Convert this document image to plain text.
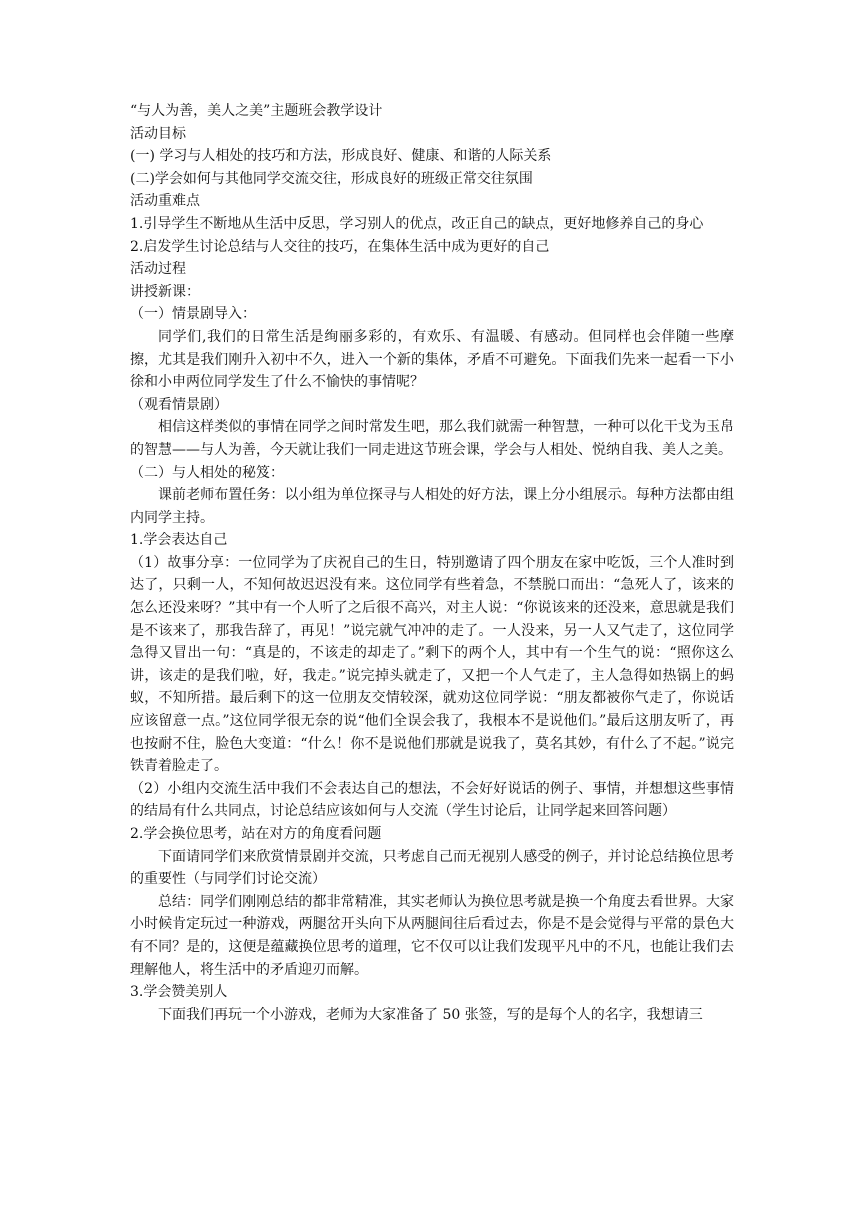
“与人为善，美人之美”主题班会教学设计

活动目标

(一) 学习与人相处的技巧和方法，形成良好、健康、和谐的人际关系

(二)学会如何与其他同学交流交往，形成良好的班级正常交往氛围

活动重难点

1.引导学生不断地从生活中反思，学习别人的优点，改正自己的缺点，更好地修养自己的身心

2.启发学生讨论总结与人交往的技巧，在集体生活中成为更好的自己

活动过程

讲授新课：

（一）情景剧导入：

同学们,我们的日常生活是绚丽多彩的，有欢乐、有温暖、有感动。但同样也会伴随一些摩擦，尤其是我们刚升入初中不久，进入一个新的集体，矛盾不可避免。下面我们先来一起看一下小徐和小申两位同学发生了什么不愉快的事情呢？

（观看情景剧）

相信这样类似的事情在同学之间时常发生吧，那么我们就需一种智慧，一种可以化干戈为玉帛的智慧——与人为善，今天就让我们一同走进这节班会课，学会与人相处、悦纳自我、美人之美。

（二）与人相处的秘笈：

课前老师布置任务：以小组为单位探寻与人相处的好方法，课上分小组展示。每种方法都由组内同学主持。

1.学会表达自己

（1）故事分享：一位同学为了庆祝自己的生日，特别邀请了四个朋友在家中吃饭，三个人准时到达了，只剩一人，不知何故迟迟没有来。这位同学有些着急，不禁脱口而出：“急死人了，该来的怎么还没来呀？”其中有一个人听了之后很不高兴，对主人说：“你说该来的还没来，意思就是我们是不该来了，那我告辞了，再见！”说完就气冲冲的走了。一人没来，另一人又气走了，这位同学急得又冒出一句：“真是的，不该走的却走了。”剩下的两个人，其中有一个生气的说：“照你这么讲，该走的是我们啦，好，我走。”说完掉头就走了，又把一个人气走了，主人急得如热锅上的蚂蚁，不知所措。最后剩下的这一位朋友交情较深，就劝这位同学说：“朋友都被你气走了，你说话应该留意一点。”这位同学很无奈的说“他们全误会我了，我根本不是说他们。”最后这朋友听了，再也按耐不住，脸色大变道：“什么！你不是说他们那就是说我了，莫名其妙，有什么了不起。”说完铁青着脸走了。

（2）小组内交流生活中我们不会表达自己的想法，不会好好说话的例子、事情，并想想这些事情的结局有什么共同点，讨论总结应该如何与人交流（学生讨论后，让同学起来回答问题）

2.学会换位思考，站在对方的角度看问题

下面请同学们来欣赏情景剧并交流，只考虑自己而无视别人感受的例子，并讨论总结换位思考的重要性（与同学们讨论交流）

总结：同学们刚刚总结的都非常精准，其实老师认为换位思考就是换一个角度去看世界。大家小时候肯定玩过一种游戏，两腿岔开头向下从两腿间往后看过去，你是不是会觉得与平常的景色大有不同？是的，这便是蕴藏换位思考的道理，它不仅可以让我们发现平凡中的不凡，也能让我们去理解他人，将生活中的矛盾迎刃而解。

3.学会赞美别人

下面我们再玩一个小游戏，老师为大家准备了 50 张签，写的是每个人的名字，我想请三
